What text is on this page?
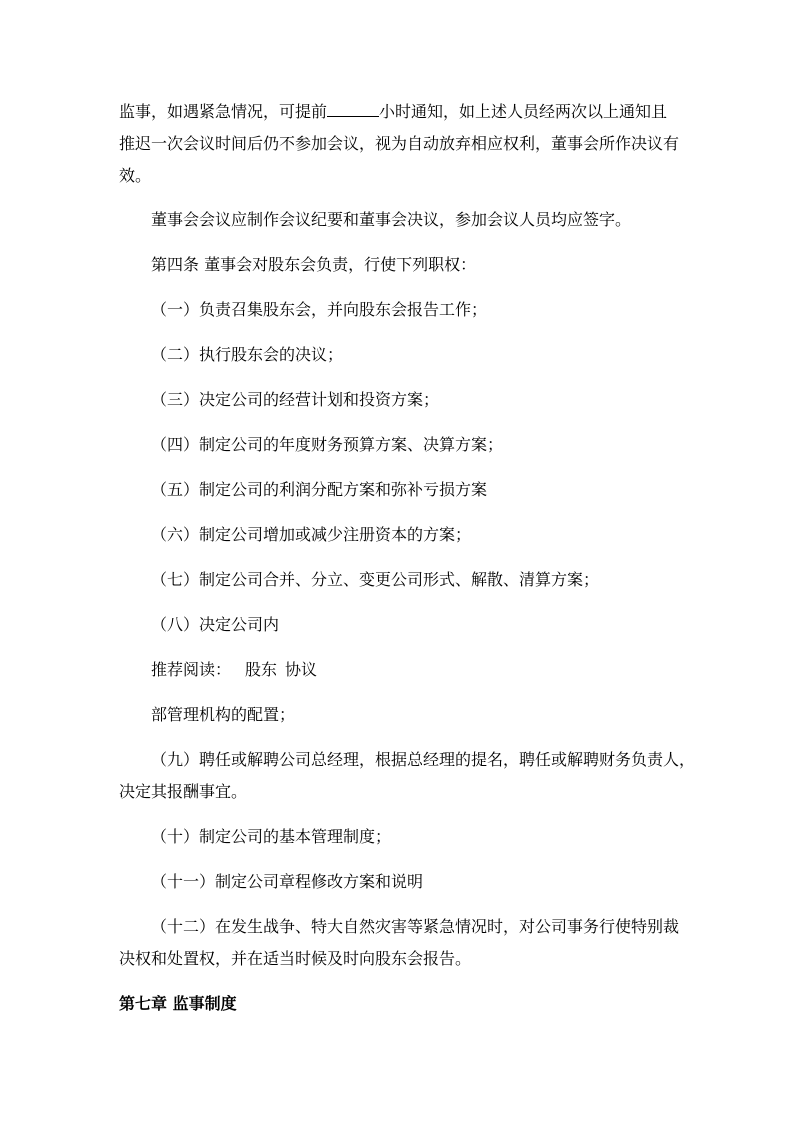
监事，如遇紧急情况，可提前	小时通知，如上述人员经两次以上通知且
推迟一次会议时间后仍不参加会议，视为自动放弃相应权利，董事会所作决议有
效。
董事会会议应制作会议纪要和董事会决议，参加会议人员均应签字。
第四条 董事会对股东会负责，行使下列职权：
（一）负责召集股东会，并向股东会报告工作；
（二）执行股东会的决议；
（三）决定公司的经营计划和投资方案；
（四）制定公司的年度财务预算方案、决算方案；
（五）制定公司的利润分配方案和弥补亏损方案
（六）制定公司增加或减少注册资本的方案；
（七）制定公司合并、分立、变更公司形式、解散、清算方案；
（八）决定公司内
推荐阅读： 股东 协议
部管理机构的配置；
（九）聘任或解聘公司总经理，根据总经理的提名，聘任或解聘财务负责人，
决定其报酬事宜。
（十）制定公司的基本管理制度；
（十一）制定公司章程修改方案和说明
（十二）在发生战争、特大自然灾害等紧急情况时，对公司事务行使特别裁
决权和处置权，并在适当时候及时向股东会报告。
第七章 监事制度
